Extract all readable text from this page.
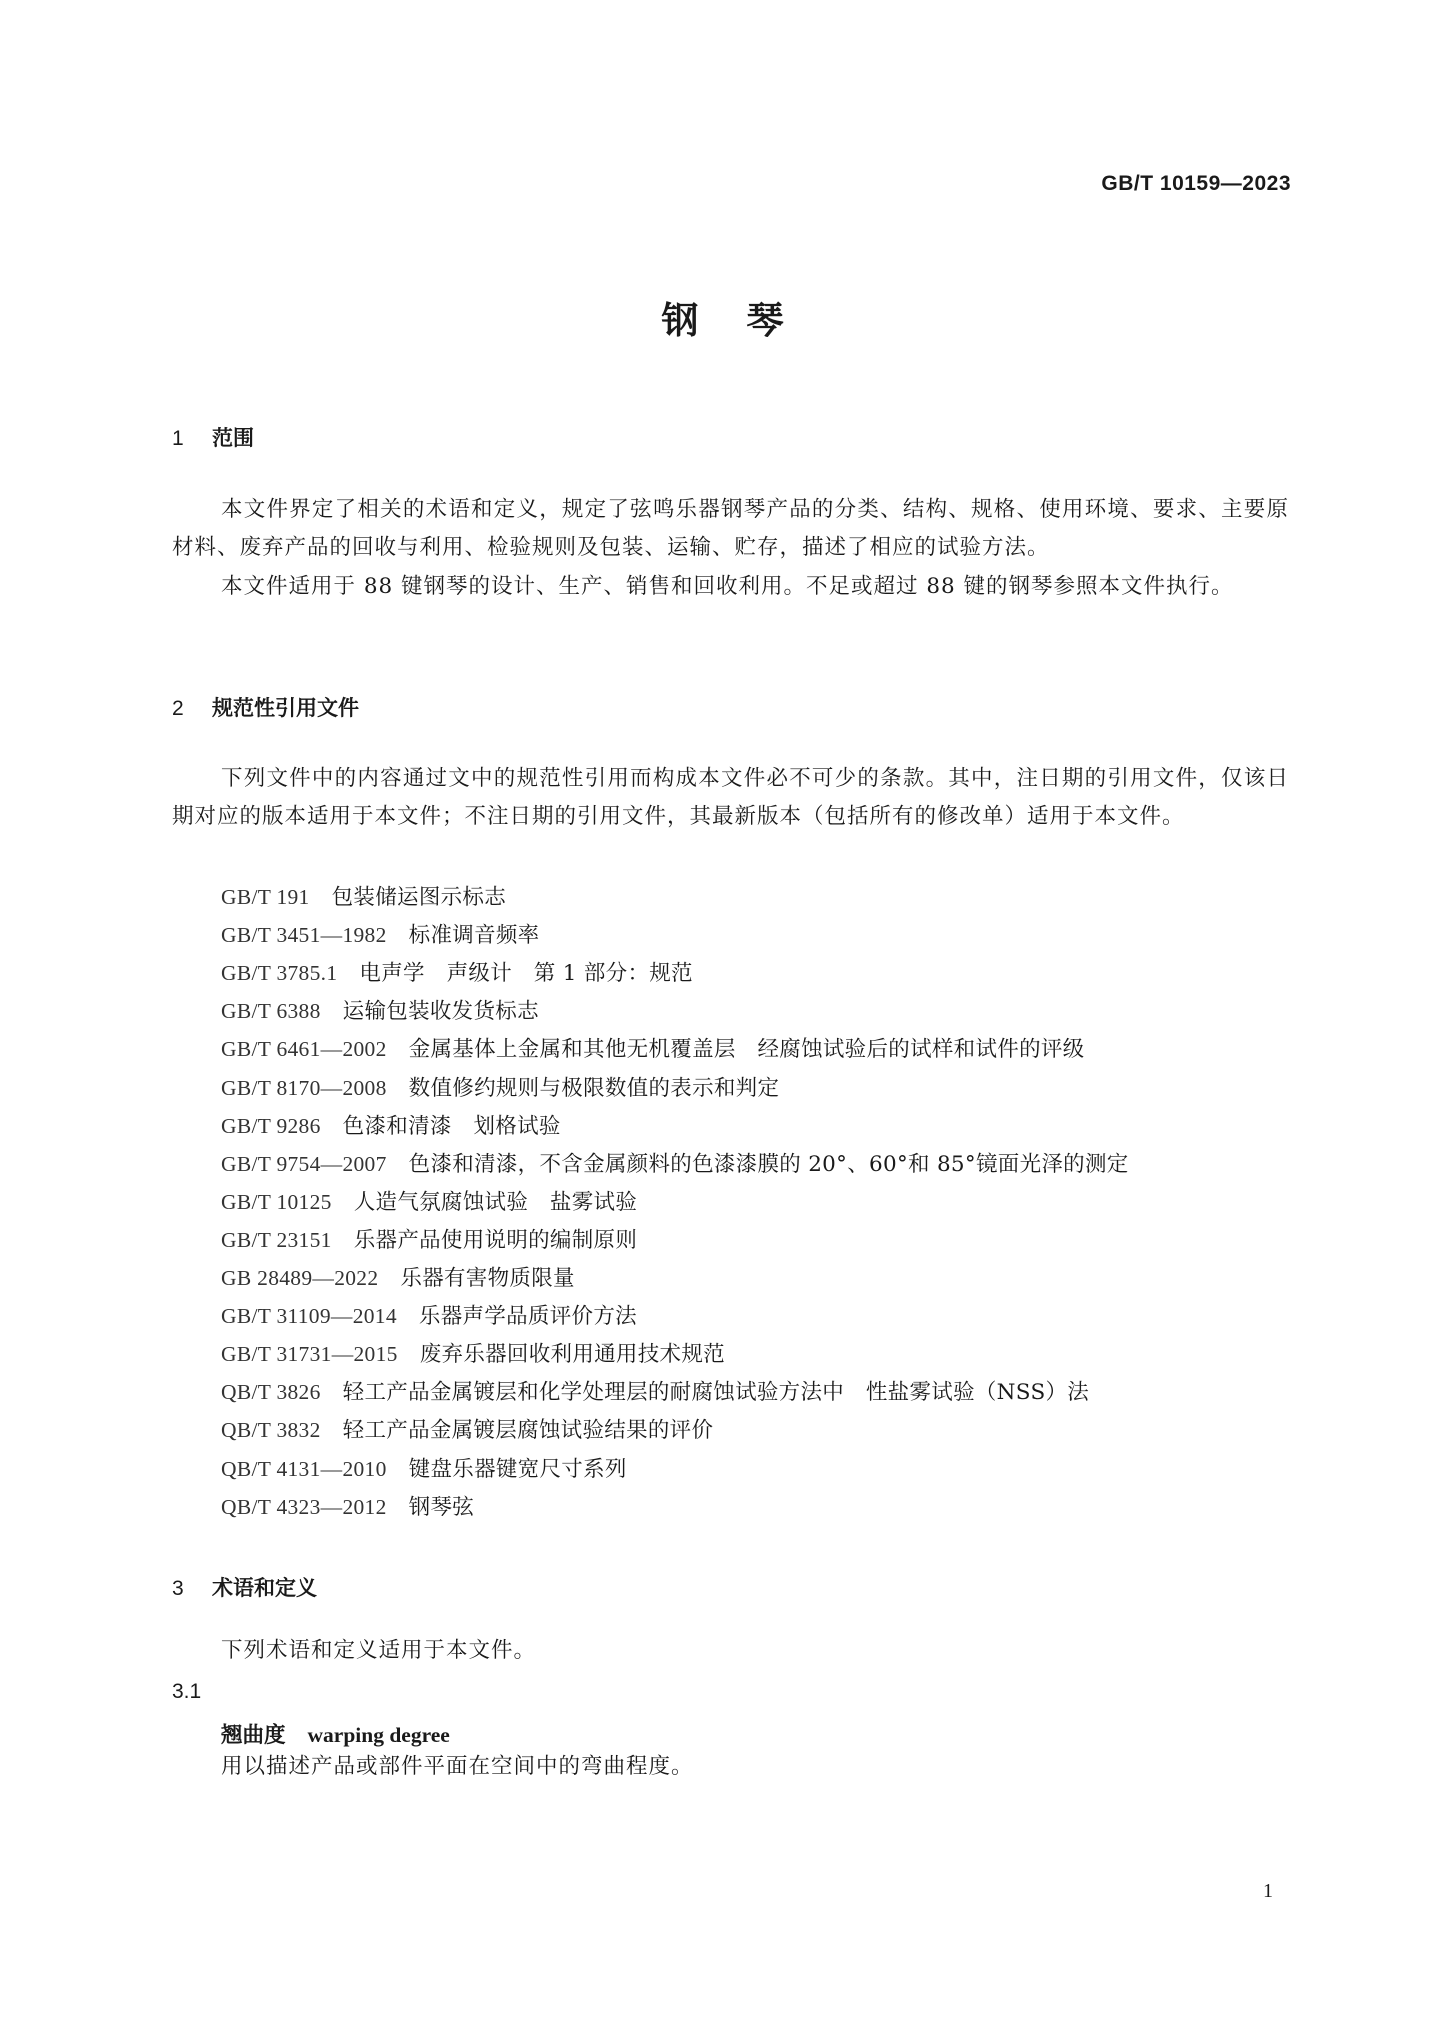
GB/T 10159—2023
钢琴
1 范围
本文件界定了相关的术语和定义，规定了弦鸣乐器钢琴产品的分类、结构、规格、使用环境、要求、主要原材料、废弃产品的回收与利用、检验规则及包装、运输、贮存，描述了相应的试验方法。
本文件适用于 88 键钢琴的设计、生产、销售和回收利用。不足或超过 88 键的钢琴参照本文件执行。
2 规范性引用文件
下列文件中的内容通过文中的规范性引用而构成本文件必不可少的条款。其中，注日期的引用文件，仅该日期对应的版本适用于本文件；不注日期的引用文件，其最新版本（包括所有的修改单）适用于本文件。
GB/T 191 包装储运图示标志
GB/T 3451—1982 标准调音频率
GB/T 3785.1 电声学　声级计　第 1 部分：规范
GB/T 6388 运输包装收发货标志
GB/T 6461—2002 金属基体上金属和其他无机覆盖层　经腐蚀试验后的试样和试件的评级
GB/T 8170—2008 数值修约规则与极限数值的表示和判定
GB/T 9286 色漆和清漆　划格试验
GB/T 9754—2007 色漆和清漆，不含金属颜料的色漆漆膜的 20°、60°和 85°镜面光泽的测定
GB/T 10125 人造气氛腐蚀试验　盐雾试验
GB/T 23151 乐器产品使用说明的编制原则
GB 28489—2022 乐器有害物质限量
GB/T 31109—2014 乐器声学品质评价方法
GB/T 31731—2015 废弃乐器回收利用通用技术规范
QB/T 3826 轻工产品金属镀层和化学处理层的耐腐蚀试验方法中　性盐雾试验（NSS）法
QB/T 3832 轻工产品金属镀层腐蚀试验结果的评价
QB/T 4131—2010 键盘乐器键宽尺寸系列
QB/T 4323—2012 钢琴弦
3 术语和定义
下列术语和定义适用于本文件。
3.1
翘曲度 warping degree
用以描述产品或部件平面在空间中的弯曲程度。
1
